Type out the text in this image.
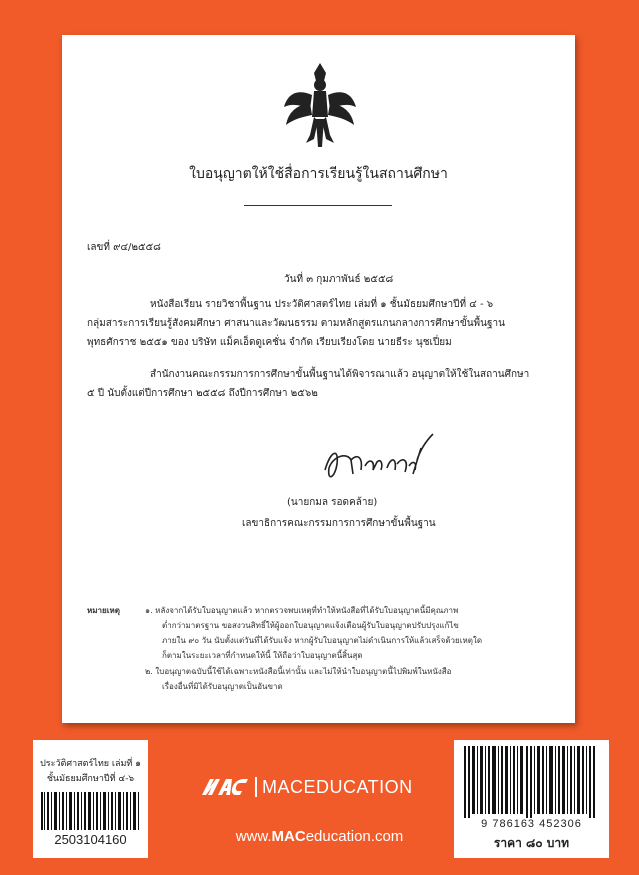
ใบอนุญาตให้ใช้สื่อการเรียนรู้ในสถานศึกษา
เลขที่ ๙๔/๒๕๕๘
วันที่ ๓ กุมภาพันธ์ ๒๕๕๘
หนังสือเรียน รายวิชาพื้นฐาน ประวัติศาสตร์ไทย เล่มที่ ๑ ชั้นมัธยมศึกษาปีที่ ๔ - ๖
กลุ่มสาระการเรียนรู้สังคมศึกษา ศาสนาและวัฒนธรรม ตามหลักสูตรแกนกลางการศึกษาขั้นพื้นฐาน
พุทธศักราช ๒๕๕๑ ของ บริษัท แม็คเอ็ดดูเคชั่น จำกัด เรียบเรียงโดย นายธีระ นุชเปี่ยม
สำนักงานคณะกรรมการการศึกษาขั้นพื้นฐานได้พิจารณาแล้ว อนุญาตให้ใช้ในสถานศึกษา
๕ ปี นับตั้งแต่ปีการศึกษา ๒๕๕๘ ถึงปีการศึกษา ๒๕๖๒
(นายกมล รอดคล้าย)
เลขาธิการคณะกรรมการการศึกษาขั้นพื้นฐาน
หมายเหตุ	๑. หลังจากได้รับใบอนุญาตแล้ว หากตรวจพบเหตุที่ทำให้หนังสือที่ได้รับใบอนุญาตนี้มีคุณภาพ
ต่ำกว่ามาตรฐาน ขอสงวนสิทธิ์ให้ผู้ออกใบอนุญาตแจ้งเตือนผู้รับใบอนุญาตปรับปรุงแก้ไข
ภายใน ๙๐ วัน นับตั้งแต่วันที่ได้รับแจ้ง หากผู้รับใบอนุญาตไม่ดำเนินการให้แล้วเสร็จด้วยเหตุใด
ก็ตามในระยะเวลาที่กำหนดให้นี้ ให้ถือว่าใบอนุญาตนี้สิ้นสุด
๒. ใบอนุญาตฉบับนี้ใช้ได้เฉพาะหนังสือนี้เท่านั้น และไม่ให้นำใบอนุญาตนี้ไปพิมพ์ในหนังสือ
เรื่องอื่นที่มิได้รับอนุญาตเป็นอันขาด
ประวัติศาสตร์ไทย เล่มที่ ๑
ชั้นมัธยมศึกษาปีที่ ๔-๖
2503104160
MACEDUCATION
www.MACeducation.com
9 786163 452306
ราคา ๘๐ บาท
